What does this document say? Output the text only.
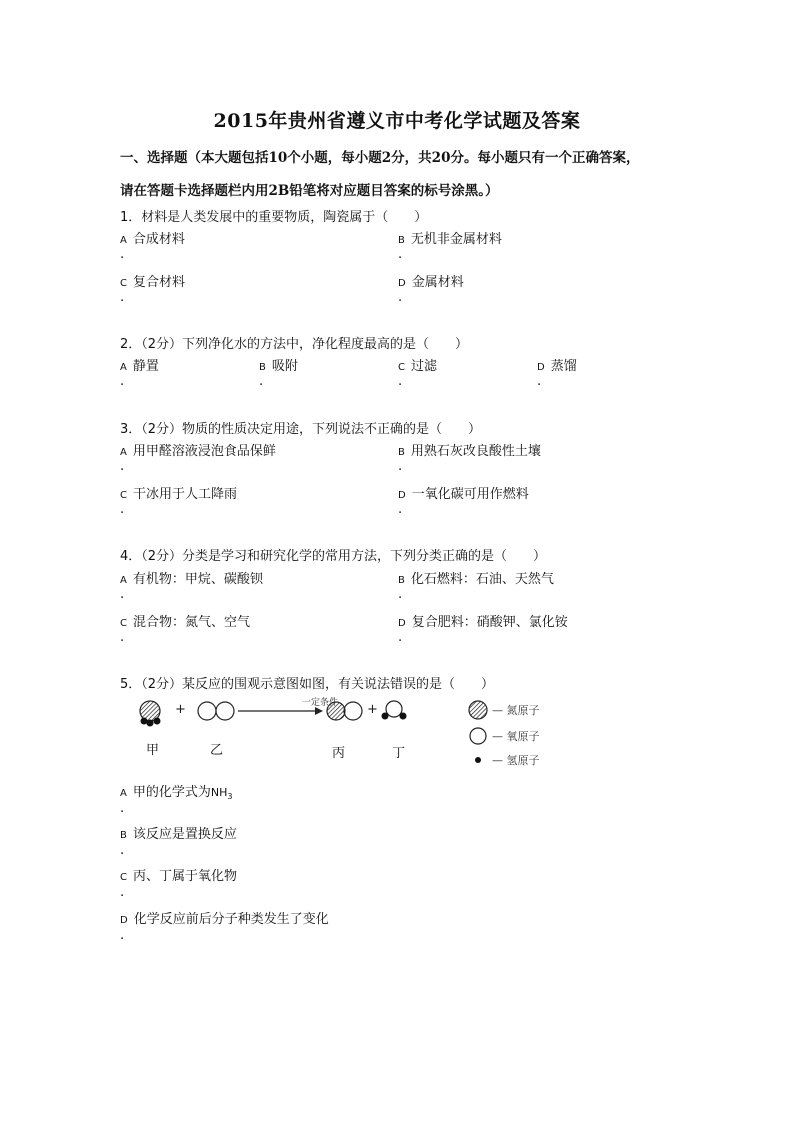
2015年贵州省遵义市中考化学试题及答案
一、选择题（本大题包括10个小题，每小题2分，共20分。每小题只有一个正确答案，
请在答题卡选择题栏内用2B铅笔将对应题目答案的标号涂黑。）
1．材料是人类发展中的重要物质，陶瓷属于（　　）
A 合成材料
.
B 无机非金属材料
.
C 复合材料
.
D 金属材料
.
2．（2分）下列净化水的方法中，净化程度最高的是（　　）
A 静置
.
B 吸附
.
C 过滤
.
D 蒸馏
.
3．（2分）物质的性质决定用途，下列说法不正确的是（　　）
A 用甲醛溶液浸泡食品保鲜
.
B 用熟石灰改良酸性土壤
.
C 干冰用于人工降雨
.
D 一氧化碳可用作燃料
.
4．（2分）分类是学习和研究化学的常用方法，下列分类正确的是（　　）
A 有机物：甲烷、碳酸钡
.
B 化石燃料：石油、天然气
.
C 混合物：氮气、空气
.
D 复合肥料：硝酸钾、氯化铵
.
5．（2分）某反应的围观示意图如图，有关说法错误的是（　　）
一定条件
+	+
甲	乙	丙	丁
— 氮原子
— 氧原子
— 氢原子
A 甲的化学式为$NH_3$
.
B 该反应是置换反应
.
C 丙、丁属于氧化物
.
D 化学反应前后分子种类发生了变化
.
